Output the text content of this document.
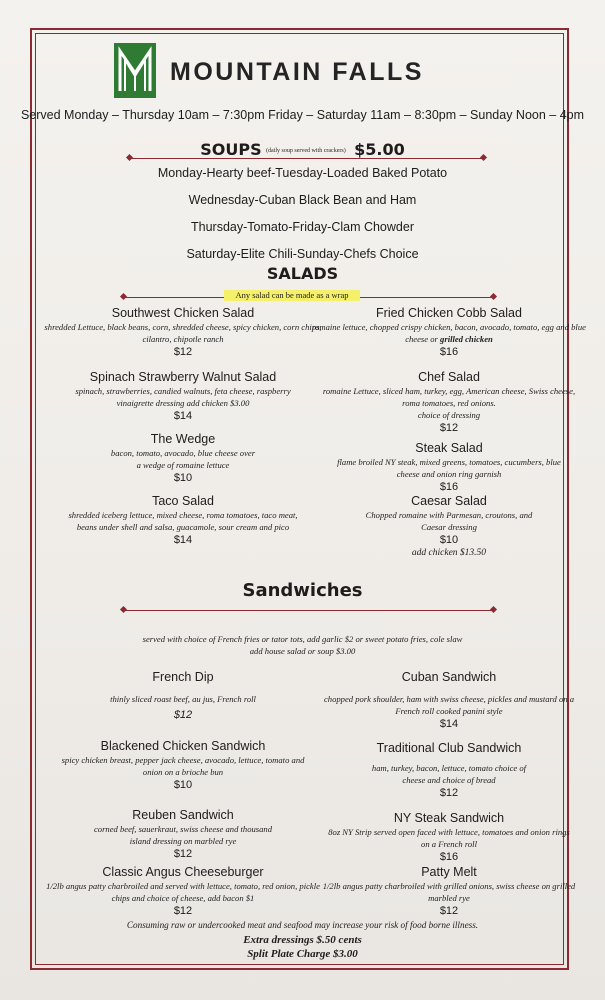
MOUNTAIN FALLS
Served Monday – Thursday 10am – 7:30pm Friday – Saturday 11am – 8:30pm – Sunday Noon – 4pm
SOUPS (daily soup served with crackers) $5.00
Monday-Hearty beef-Tuesday-Loaded Baked Potato
Wednesday-Cuban Black Bean and Ham
Thursday-Tomato-Friday-Clam Chowder
Saturday-Elite Chili-Sunday-Chefs Choice
SALADS
Any salad can be made as a wrap
Southwest Chicken Salad
shredded Lettuce, black beans, corn, shredded cheese, spicy chicken, corn chips, cilantro, chipotle ranch
$12
Spinach Strawberry Walnut Salad
spinach, strawberries, candied walnuts, feta cheese, raspberry vinaigrette dressing add chicken $3.00
$14
The Wedge
bacon, tomato, avocado, blue cheese over a wedge of romaine lettuce
$10
Taco Salad
shredded iceberg lettuce, mixed cheese, roma tomatoes, taco meat, beans under shell and salsa, guacamole, sour cream and pico
$14
Fried Chicken Cobb Salad
romaine lettuce, chopped crispy chicken, bacon, avocado, tomato, egg and blue cheese or grilled chicken
$16
Chef Salad
romaine Lettuce, sliced ham, turkey, egg, American cheese, Swiss cheese, roma tomatoes, red onions.
choice of dressing
$12
Steak Salad
flame broiled NY steak, mixed greens, tomatoes, cucumbers, blue cheese and onion ring garnish
$16
Caesar Salad
Chopped romaine with Parmesan, croutons, and Caesar dressing
$10
add chicken $13.50
Sandwiches
served with choice of French fries or tator tots, add garlic $2 or sweet potato fries, cole slaw
add house salad or soup $3.00
French Dip
thinly sliced roast beef, au jus, French roll
$12
Blackened Chicken Sandwich
spicy chicken breast, pepper jack cheese, avocado, lettuce, tomato and onion on a brioche bun
$10
Reuben Sandwich
corned beef, sauerkraut, swiss cheese and thousand island dressing on marbled rye
$12
Classic Angus Cheeseburger
1/2lb angus patty charbroiled and served with lettuce, tomato, red onion, pickle chips and choice of cheese, add bacon $1
$12
Cuban Sandwich
chopped pork shoulder, ham with swiss cheese, pickles and mustard on a French roll cooked panini style
$14
Traditional Club Sandwich
ham, turkey, bacon, lettuce, tomato choice of cheese and choice of bread
$12
NY Steak Sandwich
8oz NY Strip served open faced with lettuce, tomatoes and onion rings on a French roll
$16
Patty Melt
1/2lb angus patty charbroiled with grilled onions, swiss cheese on grilled marbled rye
$12
Consuming raw or undercooked meat and seafood may increase your risk of food borne illness.
Extra dressings $.50 cents
Split Plate Charge $3.00
